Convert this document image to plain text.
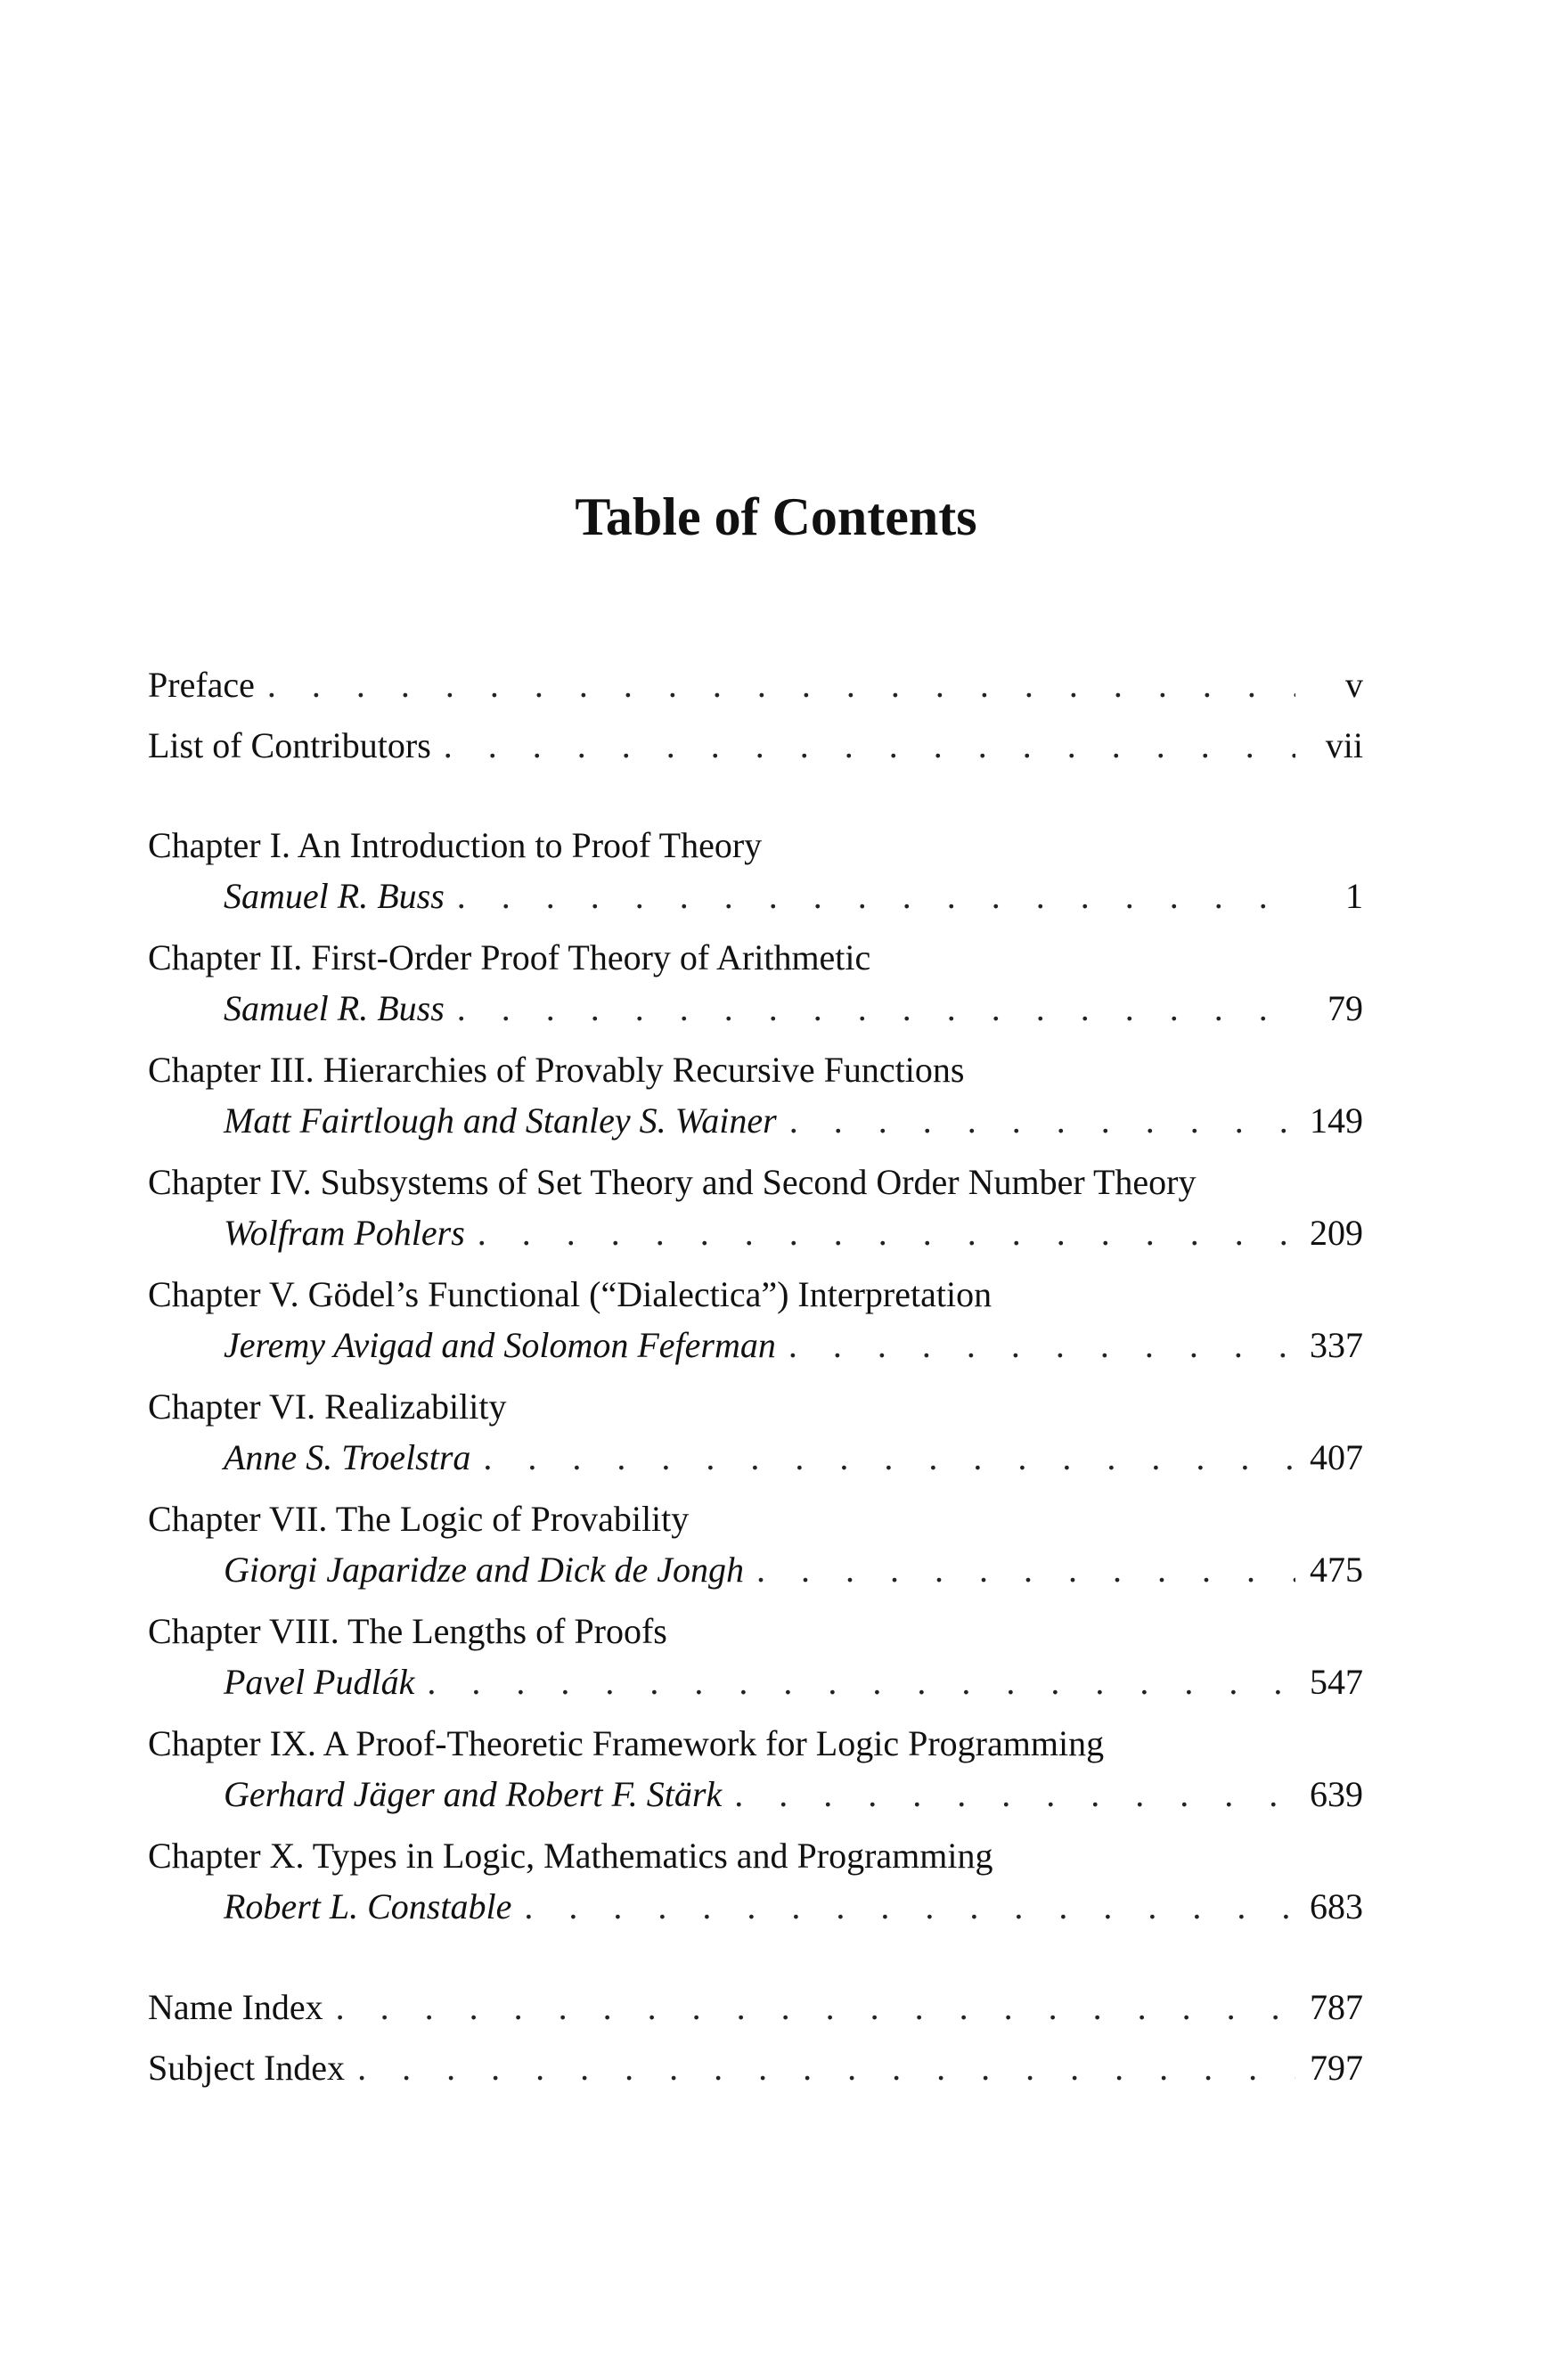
Table of Contents
Preface . . .	v
List of Contributors . . .	vii
Chapter I. An Introduction to Proof Theory
Samuel R. Buss . . .	1
Chapter II. First-Order Proof Theory of Arithmetic
Samuel R. Buss . . .	79
Chapter III. Hierarchies of Provably Recursive Functions
Matt Fairtlough and Stanley S. Wainer . . .	149
Chapter IV. Subsystems of Set Theory and Second Order Number Theory
Wolfram Pohlers . . .	209
Chapter V. Gödel’s Functional (“Dialectica”) Interpretation
Jeremy Avigad and Solomon Feferman . . .	337
Chapter VI. Realizability
Anne S. Troelstra . . .	407
Chapter VII. The Logic of Provability
Giorgi Japaridze and Dick de Jongh . . .	475
Chapter VIII. The Lengths of Proofs
Pavel Pudlák . . .	547
Chapter IX. A Proof-Theoretic Framework for Logic Programming
Gerhard Jäger and Robert F. Stärk . . .	639
Chapter X. Types in Logic, Mathematics and Programming
Robert L. Constable . . .	683
Name Index . . .	787
Subject Index . . .	797
